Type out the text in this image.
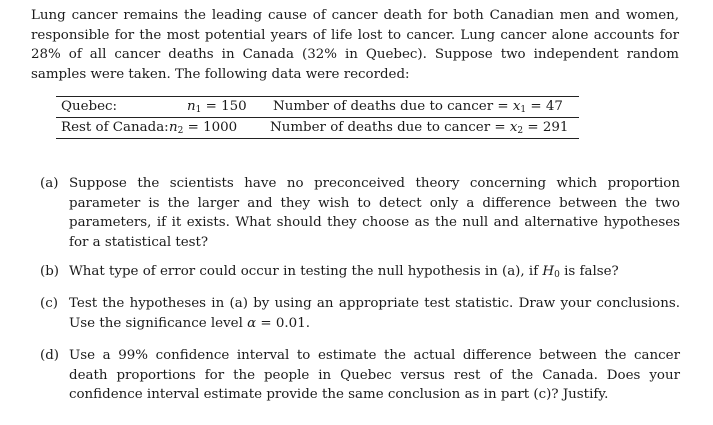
Lung cancer remains the leading cause of cancer death for both Canadian men and women, responsible for the most potential years of life lost to cancer. Lung cancer alone accounts for 28% of all cancer deaths in Canada (32% in Quebec). Suppose two independent random samples were taken. The following data were recorded:

Quebec:	$n_1 = 150$ Number of deaths due to cancer = $x_1 = 47$
Rest of Canada: $n_2 = 1000$ Number of deaths due to cancer = $x_2 = 291$
(a) Suppose the scientists have no preconceived theory concerning which proportion parameter is the larger and they wish to detect only a difference between the two parameters, if it exists. What should they choose as the null and alternative hypotheses for a statistical test?
(b) What type of error could occur in testing the null hypothesis in (a), if $H_0$ is false?
(c) Test the hypotheses in (a) by using an appropriate test statistic. Draw your conclusions. Use the significance level α = 0.01.
(d) Use a 99% confidence interval to estimate the actual difference between the cancer death proportions for the people in Quebec versus rest of the Canada. Does your confidence interval estimate provide the same conclusion as in part (c)? Justify.
